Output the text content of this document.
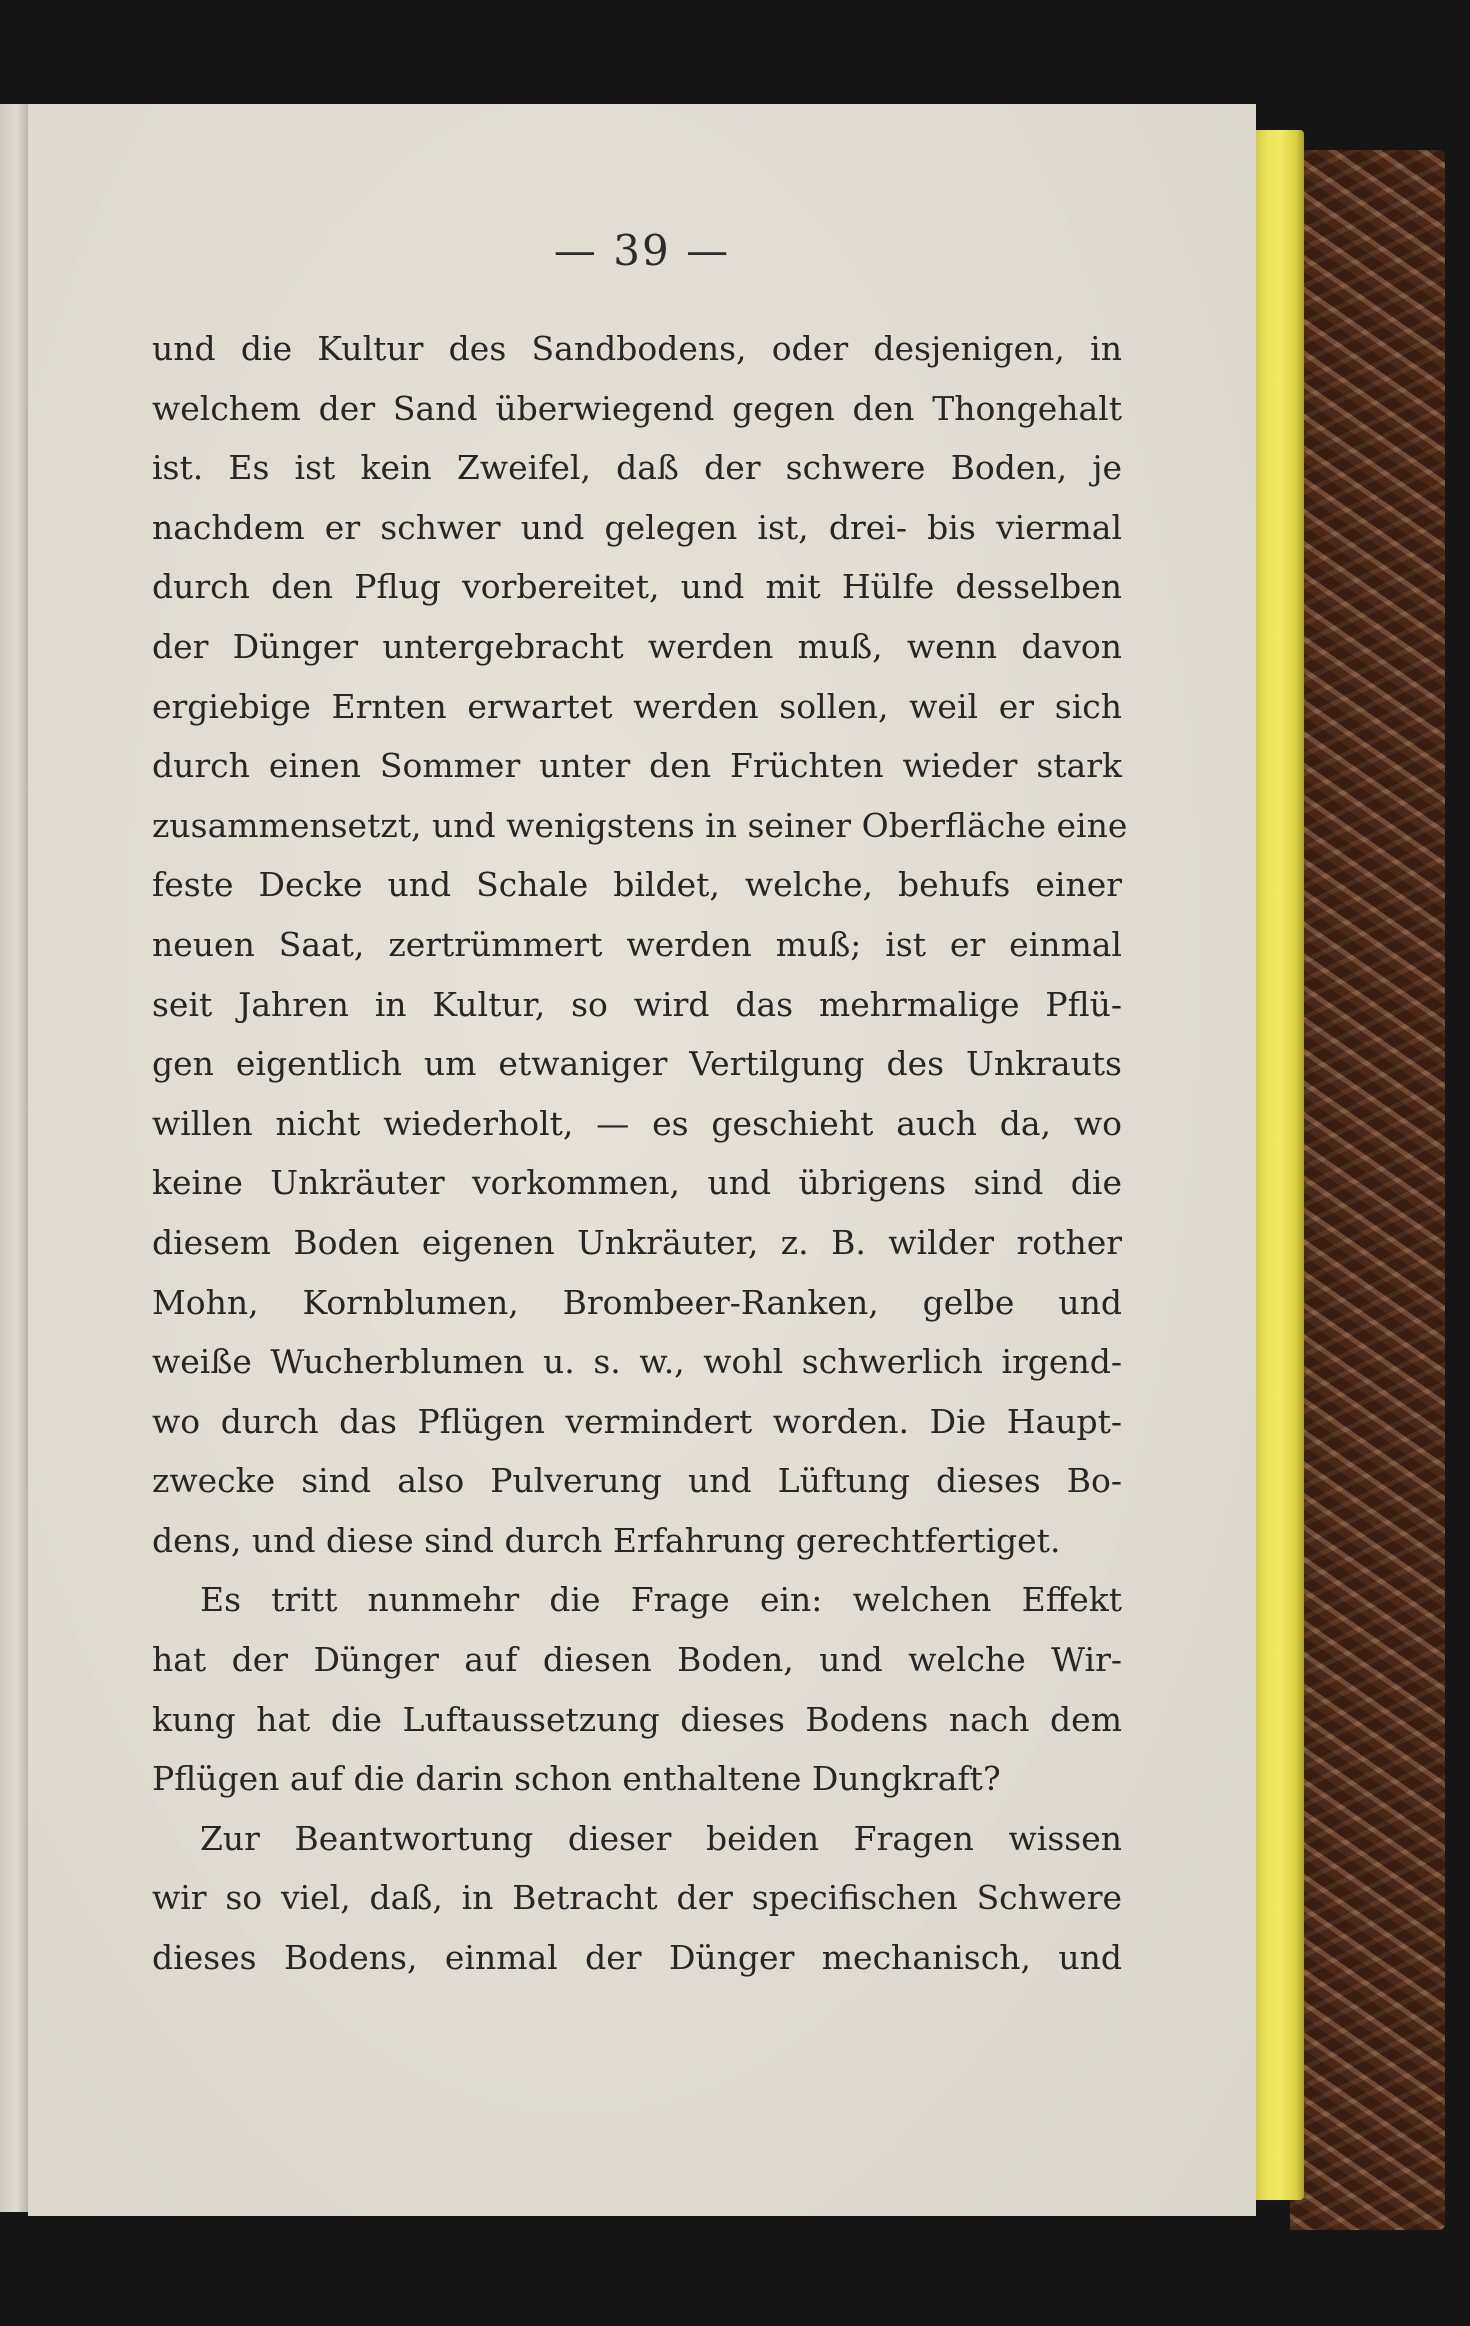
— 39 —
und die Kultur des Sandbodens, oder desjenigen, in
welchem der Sand überwiegend gegen den Thongehalt
ist. Es ist kein Zweifel, daß der schwere Boden, je
nachdem er schwer und gelegen ist, drei- bis viermal
durch den Pflug vorbereitet, und mit Hülfe desselben
der Dünger untergebracht werden muß, wenn davon
ergiebige Ernten erwartet werden sollen, weil er sich
durch einen Sommer unter den Früchten wieder stark
zusammensetzt, und wenigstens in seiner Oberfläche eine
feste Decke und Schale bildet, welche, behufs einer
neuen Saat, zertrümmert werden muß; ist er einmal
seit Jahren in Kultur, so wird das mehrmalige Pflü-
gen eigentlich um etwaniger Vertilgung des Unkrauts
willen nicht wiederholt, — es geschieht auch da, wo
keine Unkräuter vorkommen, und übrigens sind die
diesem Boden eigenen Unkräuter, z. B. wilder rother
Mohn, Kornblumen, Brombeer-Ranken, gelbe und
weiße Wucherblumen u. s. w., wohl schwerlich irgend-
wo durch das Pflügen vermindert worden. Die Haupt-
zwecke sind also Pulverung und Lüftung dieses Bo-
dens, und diese sind durch Erfahrung gerechtfertiget.
Es tritt nunmehr die Frage ein: welchen Effekt
hat der Dünger auf diesen Boden, und welche Wir-
kung hat die Luftaussetzung dieses Bodens nach dem
Pflügen auf die darin schon enthaltene Dungkraft?
Zur Beantwortung dieser beiden Fragen wissen
wir so viel, daß, in Betracht der specifischen Schwere
dieses Bodens, einmal der Dünger mechanisch, und
